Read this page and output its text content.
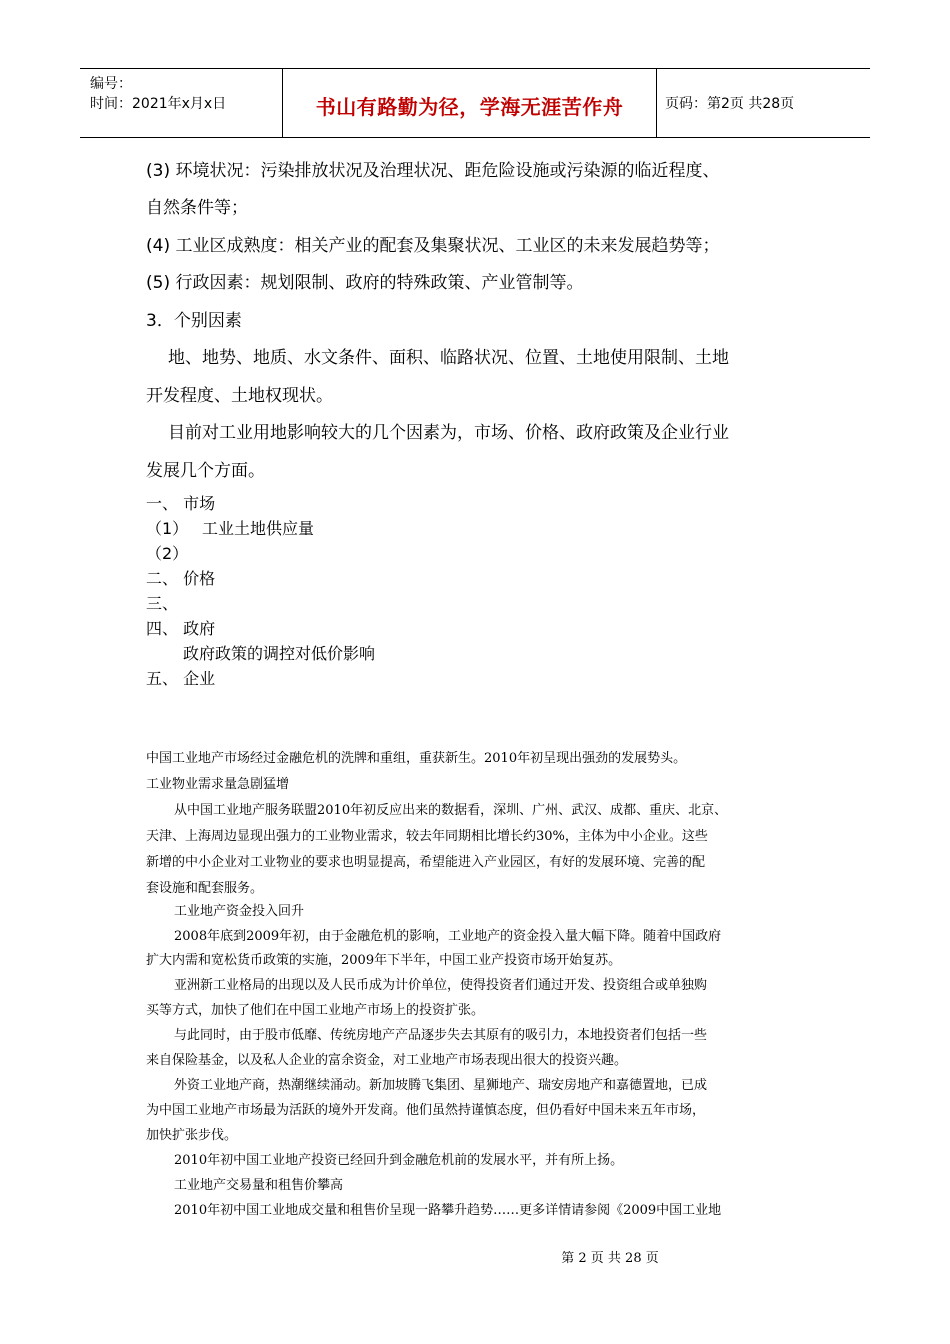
编号：
时间：2021年x月x日	书山有路勤为径，学海无涯苦作舟	页码：第2页 共28页
(3) 环境状况：污染排放状况及治理状况、距危险设施或污染源的临近程度、
自然条件等；
(4) 工业区成熟度：相关产业的配套及集聚状况、工业区的未来发展趋势等；
(5) 行政因素：规划限制、政府的特殊政策、产业管制等。
3．个别因素
地、地势、地质、水文条件、面积、临路状况、位置、土地使用限制、土地
开发程度、土地权现状。
目前对工业用地影响较大的几个因素为，市场、价格、政府政策及企业行业
发展几个方面。
一、 市场
（1） 工业土地供应量
（2）
二、 价格
三、
四、 政府
政府政策的调控对低价影响
五、 企业
中国工业地产市场经过金融危机的洗牌和重组，重获新生。2010年初呈现出强劲的发展势头。
工业物业需求量急剧猛增
从中国工业地产服务联盟2010年初反应出来的数据看，深圳、广州、武汉、成都、重庆、北京、
天津、上海周边显现出强力的工业物业需求，较去年同期相比增长约30%，主体为中小企业。这些
新增的中小企业对工业物业的要求也明显提高，希望能进入产业园区，有好的发展环境、完善的配
套设施和配套服务。
工业地产资金投入回升
2008年底到2009年初，由于金融危机的影响，工业地产的资金投入量大幅下降。随着中国政府
扩大内需和宽松货币政策的实施，2009年下半年，中国工业产投资市场开始复苏。
亚洲新工业格局的出现以及人民币成为计价单位，使得投资者们通过开发、投资组合或单独购
买等方式，加快了他们在中国工业地产市场上的投资扩张。
与此同时，由于股市低靡、传统房地产产品逐步失去其原有的吸引力，本地投资者们包括一些
来自保险基金，以及私人企业的富余资金，对工业地产市场表现出很大的投资兴趣。
外资工业地产商，热潮继续涌动。新加坡腾飞集团、星狮地产、瑞安房地产和嘉德置地，已成
为中国工业地产市场最为活跃的境外开发商。他们虽然持谨慎态度，但仍看好中国未来五年市场，
加快扩张步伐。
2010年初中国工业地产投资已经回升到金融危机前的发展水平，并有所上扬。
工业地产交易量和租售价攀高
2010年初中国工业地成交量和租售价呈现一路攀升趋势……更多详情请参阅《2009中国工业地
第 2 页 共 28 页
